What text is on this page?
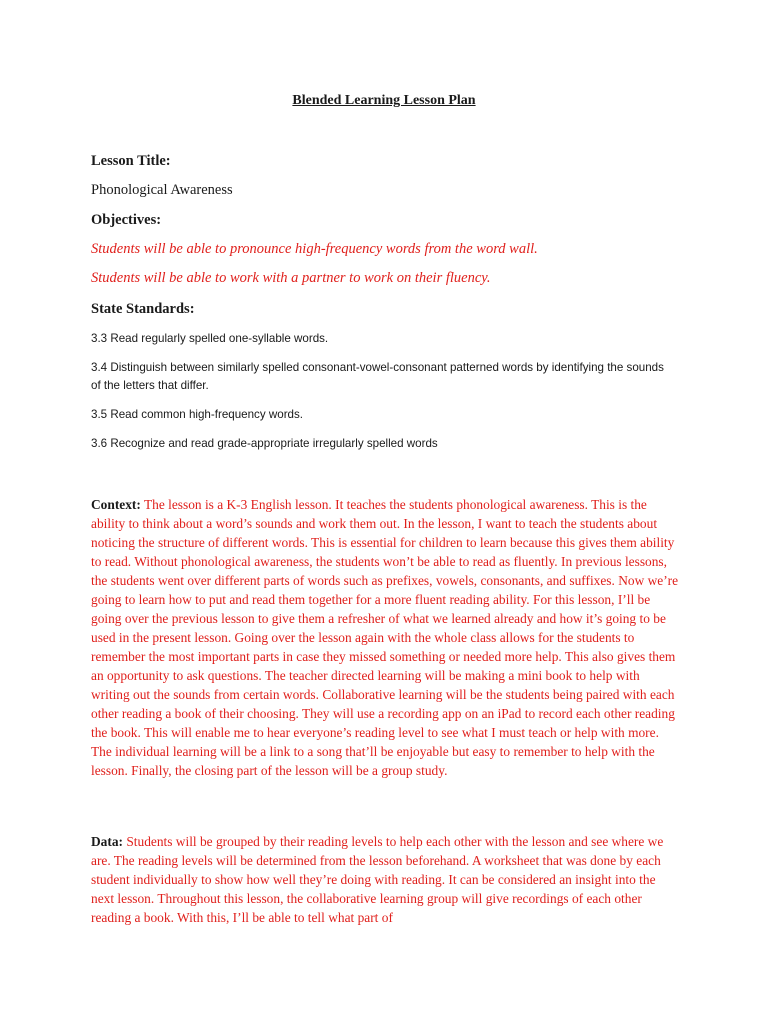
Blended Learning Lesson Plan

Lesson Title:

Phonological Awareness

Objectives:

Students will be able to pronounce high-frequency words from the word wall.

Students will be able to work with a partner to work on their fluency.

State Standards:

3.3 Read regularly spelled one-syllable words.

3.4 Distinguish between similarly spelled consonant-vowel-consonant patterned words by identifying the sounds of the letters that differ.

3.5 Read common high-frequency words.

3.6 Recognize and read grade-appropriate irregularly spelled words

Context: The lesson is a K-3 English lesson. It teaches the students phonological awareness. This is the ability to think about a word’s sounds and work them out. In the lesson, I want to teach the students about noticing the structure of different words. This is essential for children to learn because this gives them ability to read. Without phonological awareness, the students won’t be able to read as fluently. In previous lessons, the students went over different parts of words such as prefixes, vowels, consonants, and suffixes. Now we’re going to learn how to put and read them together for a more fluent reading ability. For this lesson, I’ll be going over the previous lesson to give them a refresher of what we learned already and how it’s going to be used in the present lesson. Going over the lesson again with the whole class allows for the students to remember the most important parts in case they missed something or needed more help. This also gives them an opportunity to ask questions. The teacher directed learning will be making a mini book to help with writing out the sounds from certain words. Collaborative learning will be the students being paired with each other reading a book of their choosing. They will use a recording app on an iPad to record each other reading the book. This will enable me to hear everyone’s reading level to see what I must teach or help with more. The individual learning will be a link to a song that’ll be enjoyable but easy to remember to help with the lesson. Finally, the closing part of the lesson will be a group study.

Data: Students will be grouped by their reading levels to help each other with the lesson and see where we are. The reading levels will be determined from the lesson beforehand. A worksheet that was done by each student individually to show how well they’re doing with reading. It can be considered an insight into the next lesson. Throughout this lesson, the collaborative learning group will give recordings of each other reading a book. With this, I’ll be able to tell what part of
